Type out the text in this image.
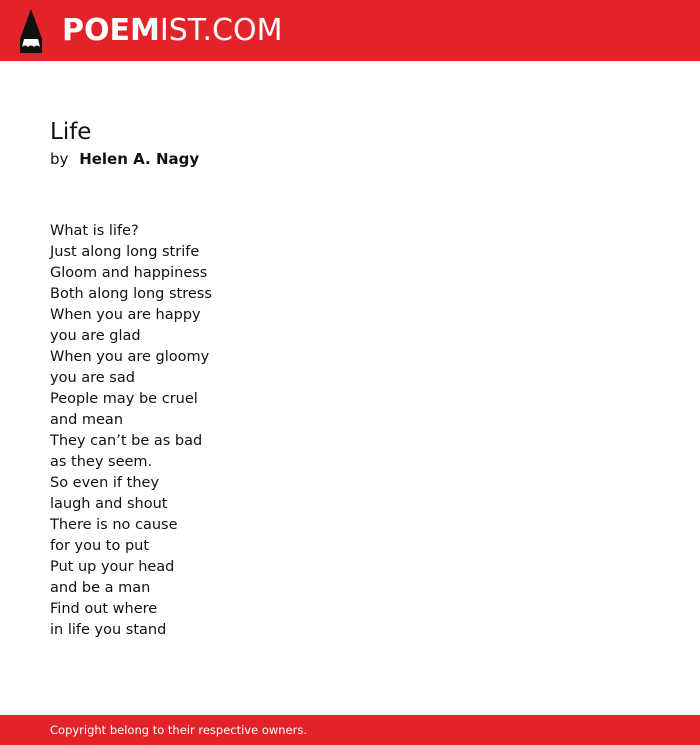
POEMIST.COM
Life
by Helen A. Nagy
What is life?
Just along long strife
Gloom and happiness
Both along long stress
When you are happy
you are glad
When you are gloomy
you are sad
People may be cruel
and mean
They can’t be as bad
as they seem.
So even if they
laugh and shout
There is no cause
for you to put
Put up your head
and be a man
Find out where
in life you stand
Copyright belong to their respective owners.
